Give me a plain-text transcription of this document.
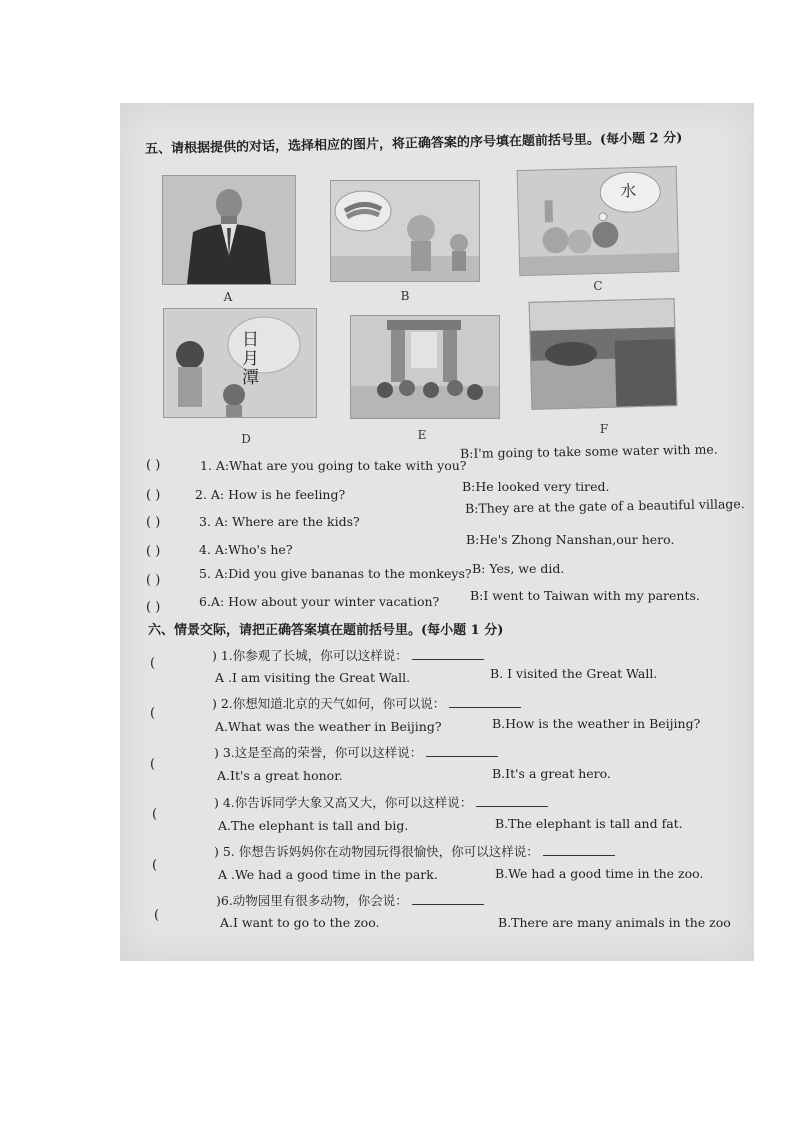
五、请根据提供的对话，选择相应的图片，将正确答案的序号填在题前括号里。(每小题 2 分)
A	B
水
C
日月潭
D	E	F
( )	1. A:What are you going to take with you?
B:I'm going to take some water with me.
( )	2. A: How is he feeling?
B:He looked very tired.
( )	3. A: Where are the kids?
B:They are at the gate of a beautiful village.
( )	4. A:Who's he?
B:He's Zhong Nanshan,our hero.
( )	5. A:Did you give bananas to the monkeys? B: Yes, we did.
( )	6.A: How about your winter vacation? B:I went to Taiwan with my parents.
六、情景交际，请把正确答案填在题前括号里。(每小题 1 分)
(
) 1.你参观了长城，你可以这样说：
A .I am visiting the Great Wall.	B. I visited the Great Wall.
(
) 2.你想知道北京的天气如何，你可以说：
A.What was the weather in Beijing?	B.How is the weather in Beijing?
(
) 3.这是至高的荣誉，你可以这样说：
A.It's a great honor.	B.It's a great hero.
(
) 4.你告诉同学大象又高又大，你可以这样说：
A.The elephant is tall and big.	B.The elephant is tall and fat.
(
) 5. 你想告诉妈妈你在动物园玩得很愉快，你可以这样说：
A .We had a good time in the park.	B.We had a good time in the zoo.
(
)6.动物园里有很多动物，你会说：
A.I want to go to the zoo.	B.There are many animals in the zoo
